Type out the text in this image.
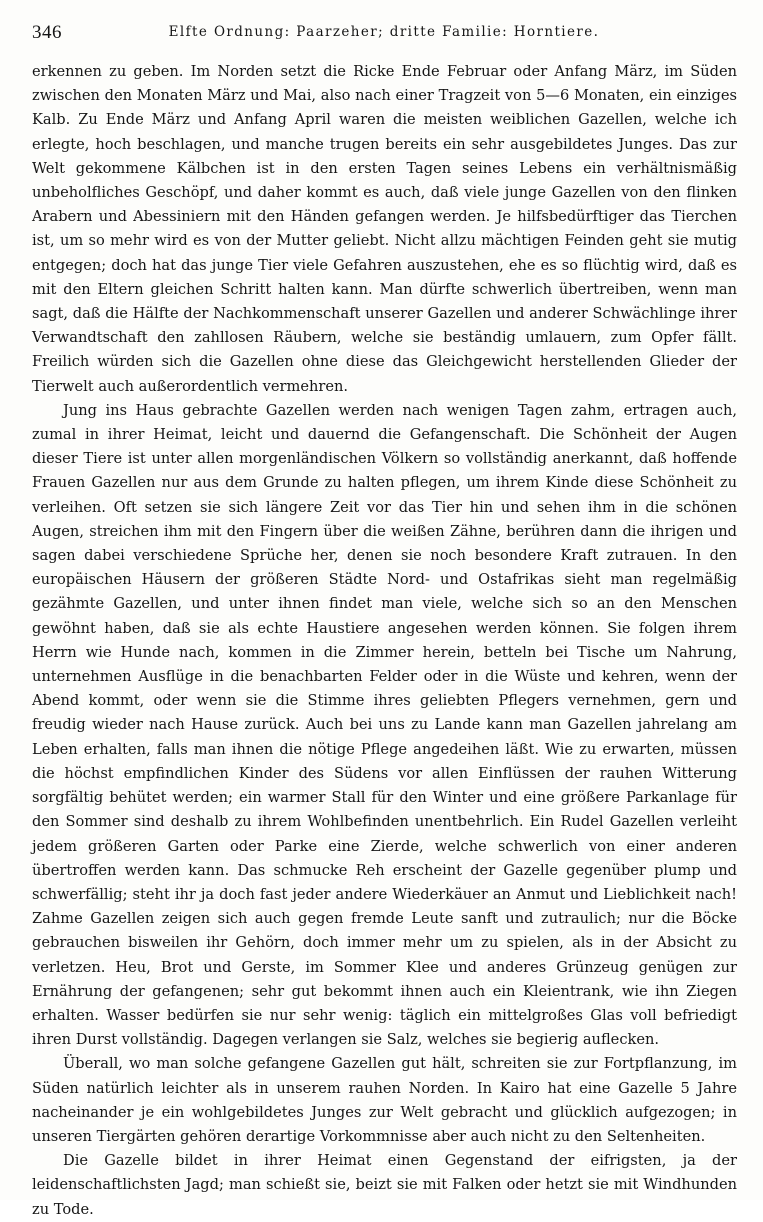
346	Elfte Ordnung: Paarzeher; dritte Familie: Horntiere.

erkennen zu geben. Im Norden setzt die Ricke Ende Februar oder Anfang März, im Süden zwischen den Monaten März und Mai, also nach einer Tragzeit von 5—6 Monaten, ein einziges Kalb. Zu Ende März und Anfang April waren die meisten weiblichen Gazellen, welche ich erlegte, hoch beschlagen, und manche trugen bereits ein sehr ausgebildetes Junges. Das zur Welt gekommene Kälbchen ist in den ersten Tagen seines Lebens ein verhältnismäßig unbeholfliches Geschöpf, und daher kommt es auch, daß viele junge Gazellen von den flinken Arabern und Abessiniern mit den Händen gefangen werden. Je hilfsbedürftiger das Tierchen ist, um so mehr wird es von der Mutter geliebt. Nicht allzu mächtigen Feinden geht sie mutig entgegen; doch hat das junge Tier viele Gefahren auszustehen, ehe es so flüchtig wird, daß es mit den Eltern gleichen Schritt halten kann. Man dürfte schwerlich übertreiben, wenn man sagt, daß die Hälfte der Nachkommenschaft unserer Gazellen und anderer Schwächlinge ihrer Verwandtschaft den zahllosen Räubern, welche sie beständig umlauern, zum Opfer fällt. Freilich würden sich die Gazellen ohne diese das Gleichgewicht herstellenden Glieder der Tierwelt auch außerordentlich vermehren.

Jung ins Haus gebrachte Gazellen werden nach wenigen Tagen zahm, ertragen auch, zumal in ihrer Heimat, leicht und dauernd die Gefangenschaft. Die Schönheit der Augen dieser Tiere ist unter allen morgenländischen Völkern so vollständig anerkannt, daß hoffende Frauen Gazellen nur aus dem Grunde zu halten pflegen, um ihrem Kinde diese Schönheit zu verleihen. Oft setzen sie sich längere Zeit vor das Tier hin und sehen ihm in die schönen Augen, streichen ihm mit den Fingern über die weißen Zähne, berühren dann die ihrigen und sagen dabei verschiedene Sprüche her, denen sie noch besondere Kraft zutrauen. In den europäischen Häusern der größeren Städte Nord- und Ostafrikas sieht man regelmäßig gezähmte Gazellen, und unter ihnen findet man viele, welche sich so an den Menschen gewöhnt haben, daß sie als echte Haustiere angesehen werden können. Sie folgen ihrem Herrn wie Hunde nach, kommen in die Zimmer herein, betteln bei Tische um Nahrung, unternehmen Ausflüge in die benachbarten Felder oder in die Wüste und kehren, wenn der Abend kommt, oder wenn sie die Stimme ihres geliebten Pflegers vernehmen, gern und freudig wieder nach Hause zurück. Auch bei uns zu Lande kann man Gazellen jahrelang am Leben erhalten, falls man ihnen die nötige Pflege angedeihen läßt. Wie zu erwarten, müssen die höchst empfindlichen Kinder des Südens vor allen Einflüssen der rauhen Witterung sorgfältig behütet werden; ein warmer Stall für den Winter und eine größere Parkanlage für den Sommer sind deshalb zu ihrem Wohlbefinden unentbehrlich. Ein Rudel Gazellen verleiht jedem größeren Garten oder Parke eine Zierde, welche schwerlich von einer anderen übertroffen werden kann. Das schmucke Reh erscheint der Gazelle gegenüber plump und schwerfällig; steht ihr ja doch fast jeder andere Wiederkäuer an Anmut und Lieblichkeit nach! Zahme Gazellen zeigen sich auch gegen fremde Leute sanft und zutraulich; nur die Böcke gebrauchen bisweilen ihr Gehörn, doch immer mehr um zu spielen, als in der Absicht zu verletzen. Heu, Brot und Gerste, im Sommer Klee und anderes Grünzeug genügen zur Ernährung der gefangenen; sehr gut bekommt ihnen auch ein Kleientrank, wie ihn Ziegen erhalten. Wasser bedürfen sie nur sehr wenig: täglich ein mittelgroßes Glas voll befriedigt ihren Durst vollständig. Dagegen verlangen sie Salz, welches sie begierig auflecken.

Überall, wo man solche gefangene Gazellen gut hält, schreiten sie zur Fortpflanzung, im Süden natürlich leichter als in unserem rauhen Norden. In Kairo hat eine Gazelle 5 Jahre nacheinander je ein wohlgebildetes Junges zur Welt gebracht und glücklich aufgezogen; in unseren Tiergärten gehören derartige Vorkommnisse aber auch nicht zu den Seltenheiten.

Die Gazelle bildet in ihrer Heimat einen Gegenstand der eifrigsten, ja der leidenschaftlichsten Jagd; man schießt sie, beizt sie mit Falken oder hetzt sie mit Windhunden zu Tode.
